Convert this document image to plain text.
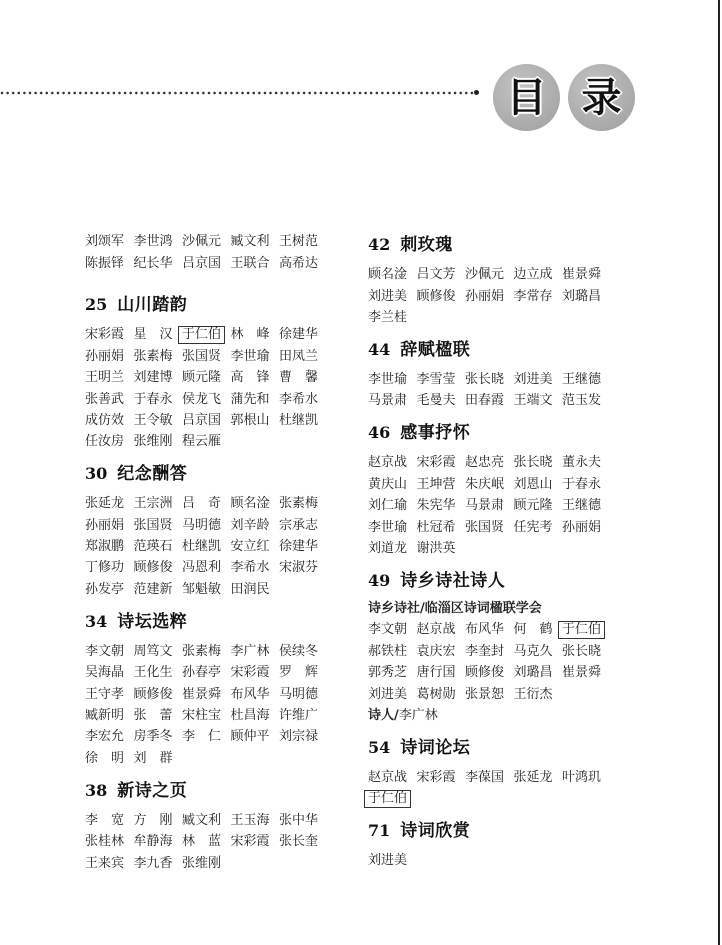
目 录
刘颂军 李世鸿 沙佩元 臧文利 王树范
陈振铎 纪长华 吕京国 王联合 高希达
25 山川踏韵
宋彩霞 星 汉 于仁伯 林 峰 徐建华
孙丽娟 张素梅 张国贤 李世瑜 田凤兰
王明兰 刘建博 顾元隆 高 锋 曹 馨
张善武 于春永 侯龙飞 蒲先和 李希水
成仿效 王令敏 吕京国 郭根山 杜继凯
任汝房 张维刚 程云雁
30 纪念酬答
张延龙 王宗洲 吕 奇 顾名淦 张素梅
孙丽娟 张国贤 马明德 刘辛龄 宗承志
郑淑鹏 范瑛石 杜继凯 安立红 徐建华
丁修功 顾修俊 冯恩利 李希水 宋淑芬
孙发亭 范建新 邹魁敏 田润民
34 诗坛选粹
李文朝 周笃文 张素梅 李广林 侯续冬
吴海晶 王化生 孙春亭 宋彩霞 罗 辉
王守孝 顾修俊 崔景舜 布风华 马明德
臧新明 张 蕾 宋柱宝 杜昌海 许维广
李宏允 房季冬 李 仁 顾仲平 刘宗禄
徐 明 刘 群
38 新诗之页
李 宽 方 刚 臧文利 王玉海 张中华
张桂林 牟静海 林 蓝 宋彩霞 张长奎
王来宾 李九香 张维刚
42 刺玫瑰
顾名淦 吕文芳 沙佩元 边立成 崔景舜
刘进美 顾修俊 孙丽娟 李常存 刘璐昌
李兰桂
44 辞赋楹联
李世瑜 李雪莹 张长晓 刘进美 王继德
马景肃 毛曼夫 田春霞 王端文 范玉发
46 感事抒怀
赵京战 宋彩霞 赵忠亮 张长晓 董永夫
黄庆山 王坤营 朱庆岷 刘恩山 于春永
刘仁瑜 朱宪华 马景肃 顾元隆 王继德
李世瑜 杜冠希 张国贤 任宪考 孙丽娟
刘道龙 谢洪英
49 诗乡诗社诗人
诗乡诗社/临淄区诗词楹联学会
李文朝 赵京战 布风华 何 鹤 于仁伯
郝铁柱 袁庆宏 李奎封 马克久 张长晓
郭秀芝 唐行国 顾修俊 刘璐昌 崔景舜
刘进美 葛树勋 张景恕 王衍杰
诗人/李广林
54 诗词论坛
赵京战 宋彩霞 李葆国 张延龙 叶鸿玑
于仁伯
71 诗词欣赏
刘进美
